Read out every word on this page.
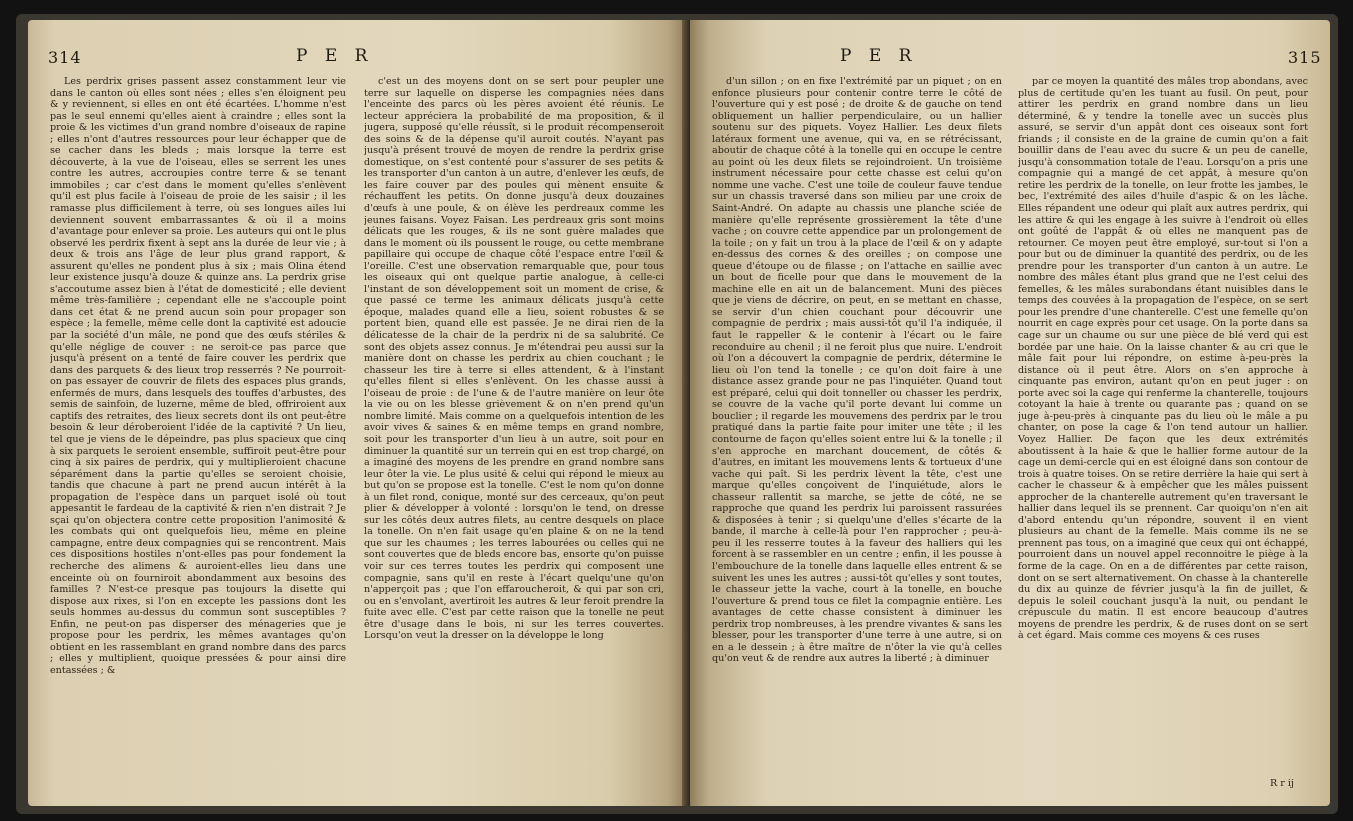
314	P E R

Les perdrix grises passent assez constamment leur vie dans le canton où elles sont nées ; elles s'en éloignent peu & y reviennent, si elles en ont été écartées. L'homme n'est pas le seul ennemi qu'elles aient à craindre ; elles sont la proie & les victimes d'un grand nombre d'oiseaux de rapine ; elles n'ont d'autres ressources pour leur échapper que de se cacher dans les bleds ; mais lorsque la terre est découverte, à la vue de l'oiseau, elles se serrent les unes contre les autres, accroupies contre terre & se tenant immobiles ; car c'est dans le moment qu'elles s'enlèvent qu'il est plus facile à l'oiseau de proie de les saisir ; il les ramasse plus difficilement à terre, où ses longues ailes lui deviennent souvent embarrassantes & où il a moins d'avantage pour enlever sa proie. Les auteurs qui ont le plus observé les perdrix fixent à sept ans la durée de leur vie ; à deux & trois ans l'âge de leur plus grand rapport, & assurent qu'elles ne pondent plus à six ; mais Olina étend leur existence jusqu'à douze & quinze ans. La perdrix grise s'accoutume assez bien à l'état de domesticité ; elle devient même très-familière ; cependant elle ne s'accouple point dans cet état & ne prend aucun soin pour propager son espèce ; la femelle, même celle dont la captivité est adoucie par la société d'un mâle, ne pond que des œufs stériles & qu'elle néglige de couver : ne seroit-ce pas parce que jusqu'à présent on a tenté de faire couver les perdrix que dans des parquets & des lieux trop resserrés ? Ne pourroit-on pas essayer de couvrir de filets des espaces plus grands, enfermés de murs, dans lesquels des touffes d'arbustes, des semis de sainfoin, de luzerne, même de bled, offriroient aux captifs des retraites, des lieux secrets dont ils ont peut-être besoin & leur déroberoient l'idée de la captivité ? Un lieu, tel que je viens de le dépeindre, pas plus spacieux que cinq à six parquets le seroient ensemble, suffiroit peut-être pour cinq à six paires de perdrix, qui y multiplieroient chacune séparément dans la partie qu'elles se seroient choisie, tandis que chacune à part ne prend aucun intérêt à la propagation de l'espèce dans un parquet isolé où tout appesantit le fardeau de la captivité & rien n'en distrait ? Je sçai qu'on objectera contre cette proposition l'animosité & les combats qui ont quelquefois lieu, même en pleine campagne, entre deux compagnies qui se rencontrent. Mais ces dispositions hostiles n'ont-elles pas pour fondement la recherche des alimens & auroient-elles lieu dans une enceinte où on fourniroit abondamment aux besoins des familles ? N'est-ce presque pas toujours la disette qui dispose aux rixes, si l'on en excepte les passions dont les seuls hommes au-dessus du commun sont susceptibles ? Enfin, ne peut-on pas disperser des ménageries que je propose pour les perdrix, les mêmes avantages qu'on obtient en les rassemblant en grand nombre dans des parcs ; elles y multiplient, quoique pressées & pour ainsi dire entassées ; &

c'est un des moyens dont on se sert pour peupler une terre sur laquelle on disperse les compagnies nées dans l'enceinte des parcs où les pères avoient été réunis. Le lecteur appréciera la probabilité de ma proposition, & il jugera, supposé qu'elle réussît, si le produit récompenseroit des soins & de la dépense qu'il auroit coutés. N'ayant pas jusqu'à présent trouvé de moyen de rendre la perdrix grise domestique, on s'est contenté pour s'assurer de ses petits & les transporter d'un canton à un autre, d'enlever les œufs, de les faire couver par des poules qui mènent ensuite & réchauffent les petits. On donne jusqu'à deux douzaines d'œufs à une poule, & on élève les perdreaux comme les jeunes faisans. Voyez Faisan. Les perdreaux gris sont moins délicats que les rouges, & ils ne sont guère malades que dans le moment où ils poussent le rouge, ou cette membrane papillaire qui occupe de chaque côté l'espace entre l'œil & l'oreille. C'est une observation remarquable que, pour tous les oiseaux qui ont quelque partie analogue, à celle-ci l'instant de son développement soit un moment de crise, & que passé ce terme les animaux délicats jusqu'à cette époque, malades quand elle a lieu, soient robustes & se portent bien, quand elle est passée. Je ne dirai rien de la délicatesse de la chair de la perdrix ni de sa salubrité. Ce sont des objets assez connus. Je m'étendrai peu aussi sur la manière dont on chasse les perdrix au chien couchant ; le chasseur les tire à terre si elles attendent, & à l'instant qu'elles filent si elles s'enlèvent. On les chasse aussi à l'oiseau de proie : de l'une & de l'autre manière on leur ôte la vie ou on les blesse grièvement & on n'en prend qu'un nombre limité. Mais comme on a quelquefois intention de les avoir vives & saines & en même temps en grand nombre, soit pour les transporter d'un lieu à un autre, soit pour en diminuer la quantité sur un terrein qui en est trop chargé, on a imaginé des moyens de les prendre en grand nombre sans leur ôter la vie. Le plus usité & celui qui répond le mieux au but qu'on se propose est la tonelle. C'est le nom qu'on donne à un filet rond, conique, monté sur des cerceaux, qu'on peut plier & développer à volonté : lorsqu'on le tend, on dresse sur les côtés deux autres filets, au centre desquels on place la tonelle. On n'en fait usage qu'en plaine & on ne la tend que sur les chaumes ; les terres labourées ou celles qui ne sont couvertes que de bleds encore bas, ensorte qu'on puisse voir sur ces terres toutes les perdrix qui composent une compagnie, sans qu'il en reste à l'écart quelqu'une qu'on n'apperçoit pas ; que l'on effaroucheroit, & qui par son cri, ou en s'envolant, avertiroit les autres & leur feroit prendre la fuite avec elle. C'est par cette raison que la tonelle ne peut être d'usage dans le bois, ni sur les terres couvertes. Lorsqu'on veut la dresser on la développe le long

P E R	315

d'un sillon ; on en fixe l'extrémité par un piquet ; on en enfonce plusieurs pour contenir contre terre le côté de l'ouverture qui y est posé ; de droite & de gauche on tend obliquement un hallier perpendiculaire, ou un hallier soutenu sur des piquets. Voyez Hallier. Les deux filets latéraux forment une avenue, qui va, en se rétrécissant, aboutir de chaque côté à la tonelle qui en occupe le centre au point où les deux filets se rejoindroient. Un troisième instrument nécessaire pour cette chasse est celui qu'on nomme une vache. C'est une toile de couleur fauve tendue sur un chassis traversé dans son milieu par une croix de Saint-André. On adapte au chassis une planche sciée de manière qu'elle représente grossièrement la tête d'une vache ; on couvre cette appendice par un prolongement de la toile ; on y fait un trou à la place de l'œil & on y adapte en-dessus des cornes & des oreilles ; on compose une queue d'étoupe ou de filasse ; on l'attache en saillie avec un bout de ficelle pour que dans le mouvement de la machine elle en ait un de balancement. Muni des pièces que je viens de décrire, on peut, en se mettant en chasse, se servir d'un chien couchant pour découvrir une compagnie de perdrix ; mais aussi-tôt qu'il l'a indiquée, il faut le rappeller & le contenir à l'écart ou le faire reconduire au chenil ; il ne feroit plus que nuire. L'endroit où l'on a découvert la compagnie de perdrix, détermine le lieu où l'on tend la tonelle ; ce qu'on doit faire à une distance assez grande pour ne pas l'inquiéter. Quand tout est préparé, celui qui doit tonneller ou chasser les perdrix, se couvre de la vache qu'il porte devant lui comme un bouclier ; il regarde les mouvemens des perdrix par le trou pratiqué dans la partie faite pour imiter une tête ; il les contourne de façon qu'elles soient entre lui & la tonelle ; il s'en approche en marchant doucement, de côtés & d'autres, en imitant les mouvemens lents & tortueux d'une vache qui paît. Si les perdrix lèvent la tête, c'est une marque qu'elles conçoivent de l'inquiétude, alors le chasseur rallentit sa marche, se jette de côté, ne se rapproche que quand les perdrix lui paroissent rassurées & disposées à tenir ; si quelqu'une d'elles s'écarte de la bande, il marche à celle-là pour l'en rapprocher ; peu-à-peu il les resserre toutes à la faveur des halliers qui les forcent à se rassembler en un centre ; enfin, il les pousse à l'embouchure de la tonelle dans laquelle elles entrent & se suivent les unes les autres ; aussi-tôt qu'elles y sont toutes, le chasseur jette la vache, court à la tonelle, en bouche l'ouverture & prend tous ce filet la compagnie entière. Les avantages de cette chasse consistent à diminuer les perdrix trop nombreuses, à les prendre vivantes & sans les blesser, pour les transporter d'une terre à une autre, si on en a le dessein ; à être maître de n'ôter la vie qu'à celles qu'on veut & de rendre aux autres la liberté ; à diminuer

par ce moyen la quantité des mâles trop abondans, avec plus de certitude qu'en les tuant au fusil. On peut, pour attirer les perdrix en grand nombre dans un lieu déterminé, & y tendre la tonelle avec un succès plus assuré, se servir d'un appât dont ces oiseaux sont fort friands ; il consiste en de la graine de cumin qu'on a fait bouillir dans de l'eau avec du sucre & un peu de canelle, jusqu'à consommation totale de l'eau. Lorsqu'on a pris une compagnie qui a mangé de cet appât, à mesure qu'on retire les perdrix de la tonelle, on leur frotte les jambes, le bec, l'extrémité des ailes d'huile d'aspic & on les lâche. Elles répandent une odeur qui plaît aux autres perdrix, qui les attire & qui les engage à les suivre à l'endroit où elles ont goûté de l'appât & où elles ne manquent pas de retourner. Ce moyen peut être employé, sur-tout si l'on a pour but ou de diminuer la quantité des perdrix, ou de les prendre pour les transporter d'un canton à un autre. Le nombre des mâles étant plus grand que ne l'est celui des femelles, & les mâles surabondans étant nuisibles dans le temps des couvées à la propagation de l'espèce, on se sert pour les prendre d'une chanterelle. C'est une femelle qu'on nourrit en cage exprès pour cet usage. On la porte dans sa cage sur un chaume ou sur une pièce de blé verd qui est bordée par une haie. On la laisse chanter & au cri que le mâle fait pour lui répondre, on estime à-peu-près la distance où il peut être. Alors on s'en approche à cinquante pas environ, autant qu'on en peut juger : on porte avec soi la cage qui renferme la chanterelle, toujours cotoyant la haie à trente ou quarante pas ; quand on se juge à-peu-près à cinquante pas du lieu où le mâle a pu chanter, on pose la cage & l'on tend autour un hallier. Voyez Hallier. De façon que les deux extrémités aboutissent à la haie & que le hallier forme autour de la cage un demi-cercle qui en est éloigné dans son contour de trois à quatre toises. On se retire derrière la haie qui sert à cacher le chasseur & à empêcher que les mâles puissent approcher de la chanterelle autrement qu'en traversant le hallier dans lequel ils se prennent. Car quoiqu'on n'en ait d'abord entendu qu'un répondre, souvent il en vient plusieurs au chant de la femelle. Mais comme ils ne se prennent pas tous, on a imaginé que ceux qui ont échappé, pourroient dans un nouvel appel reconnoitre le piège à la forme de la cage. On en a de différentes par cette raison, dont on se sert alternativement. On chasse à la chanterelle du dix au quinze de février jusqu'à la fin de juillet, & depuis le soleil couchant jusqu'à la nuit, ou pendant le crépuscule du matin. Il est encore beaucoup d'autres moyens de prendre les perdrix, & de ruses dont on se sert à cet égard. Mais comme ces moyens & ces ruses

R r ij
